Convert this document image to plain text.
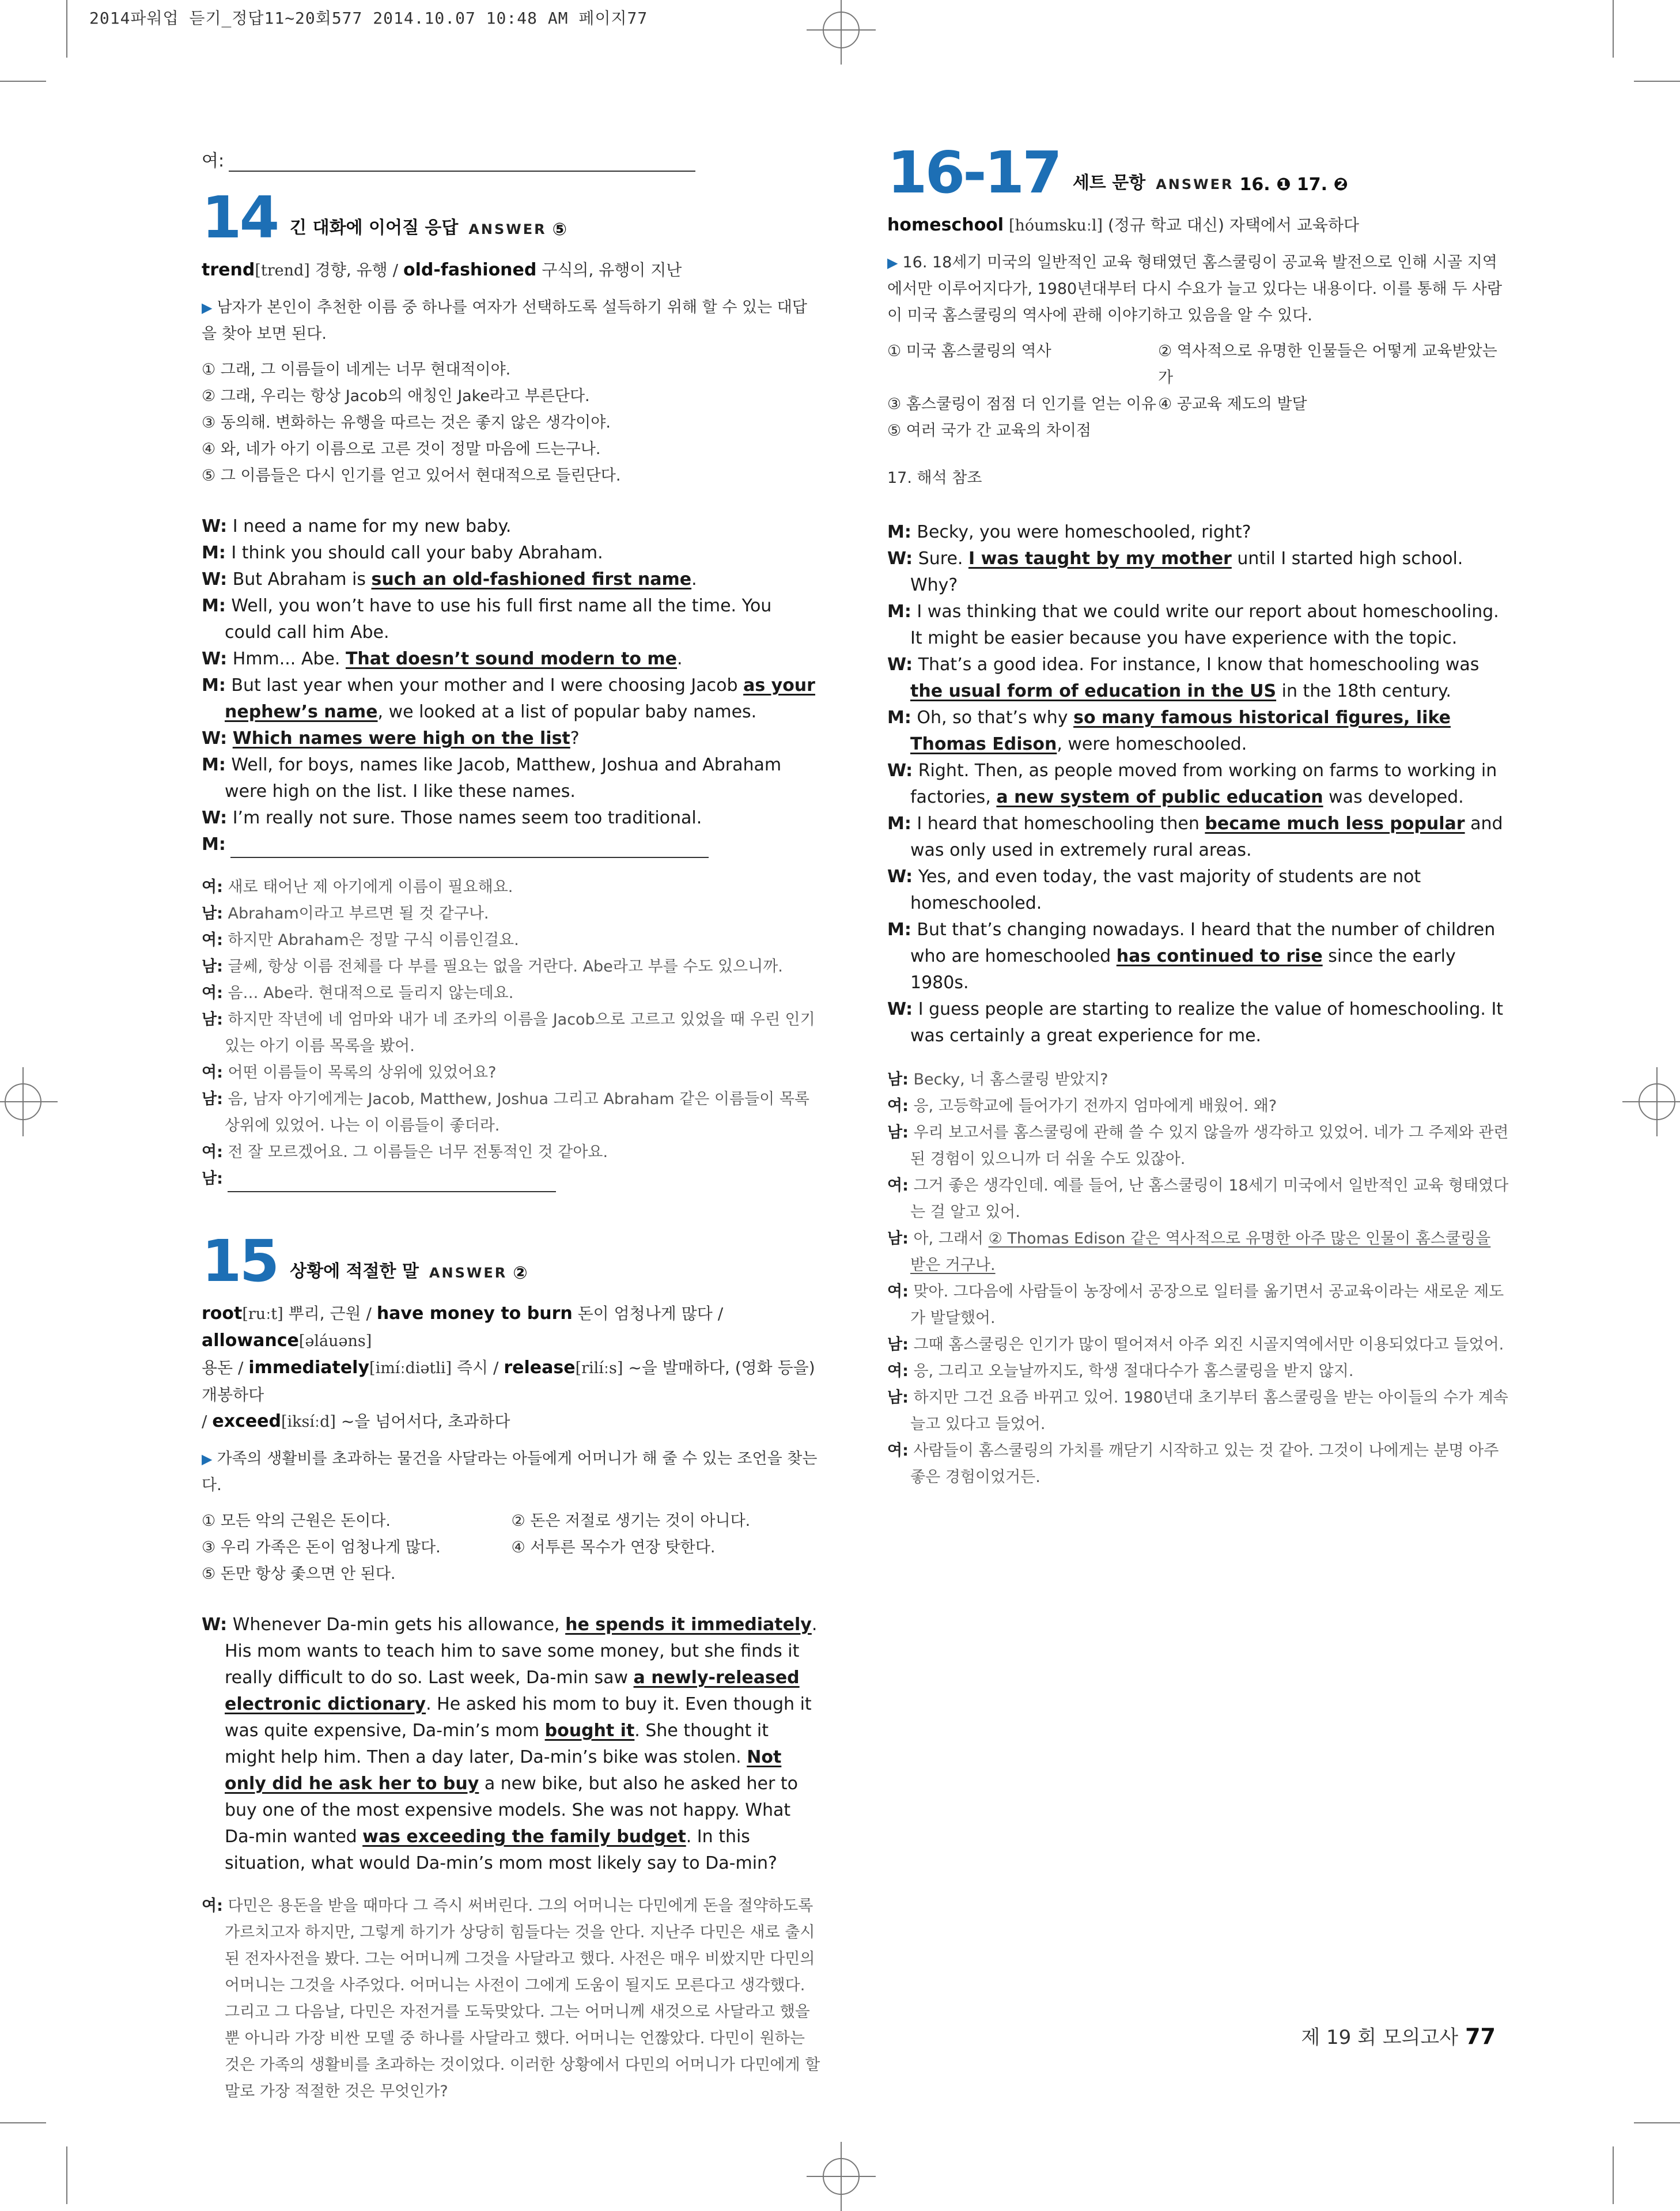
2014파워업 듣기_정답11~20회577 2014.10.07 10:48 AM 페이지77
여:
14 긴 대화에 이어질 응답 ANSWER ⑤
trend[trend] 경향, 유행 / old-fashioned 구식의, 유행이 지난
▶ 남자가 본인이 추천한 이름 중 하나를 여자가 선택하도록 설득하기 위해 할 수 있는 대답을 찾아 보면 된다.
① 그래, 그 이름들이 네게는 너무 현대적이야.
② 그래, 우리는 항상 Jacob의 애칭인 Jake라고 부른단다.
③ 동의해. 변화하는 유행을 따르는 것은 좋지 않은 생각이야.
④ 와, 네가 아기 이름으로 고른 것이 정말 마음에 드는구나.
⑤ 그 이름들은 다시 인기를 얻고 있어서 현대적으로 들린단다.
W: I need a name for my new baby.
M: I think you should call your baby Abraham.
W: But Abraham is such an old-fashioned first name.
M: Well, you won’t have to use his full first name all the time. You could call him Abe.
W: Hmm... Abe. That doesn’t sound modern to me.
M: But last year when your mother and I were choosing Jacob as your nephew’s name, we looked at a list of popular baby names.
W: Which names were high on the list?
M: Well, for boys, names like Jacob, Matthew, Joshua and Abraham were high on the list. I like these names.
W: I’m really not sure. Those names seem too traditional.
M:
여: 새로 태어난 제 아기에게 이름이 필요해요.
남: Abraham이라고 부르면 될 것 같구나.
여: 하지만 Abraham은 정말 구식 이름인걸요.
남: 글쎄, 항상 이름 전체를 다 부를 필요는 없을 거란다. Abe라고 부를 수도 있으니까.
여: 음… Abe라. 현대적으로 들리지 않는데요.
남: 하지만 작년에 네 엄마와 내가 네 조카의 이름을 Jacob으로 고르고 있었을 때 우린 인기 있는 아기 이름 목록을 봤어.
여: 어떤 이름들이 목록의 상위에 있었어요?
남: 음, 남자 아기에게는 Jacob, Matthew, Joshua 그리고 Abraham 같은 이름들이 목록 상위에 있었어. 나는 이 이름들이 좋더라.
여: 전 잘 모르겠어요. 그 이름들은 너무 전통적인 것 같아요.
남:
15 상황에 적절한 말 ANSWER ②
root[ruːt] 뿌리, 근원 / have money to burn 돈이 엄청나게 많다 / allowance[əláuəns]
용돈 / immediately[imíːdiətli] 즉시 / release[rilíːs] ~을 발매하다, (영화 등을) 개봉하다
/ exceed[iksíːd] ~을 넘어서다, 초과하다
▶ 가족의 생활비를 초과하는 물건을 사달라는 아들에게 어머니가 해 줄 수 있는 조언을 찾는다.
① 모든 악의 근원은 돈이다.	② 돈은 저절로 생기는 것이 아니다.
③ 우리 가족은 돈이 엄청나게 많다.	④ 서투른 목수가 연장 탓한다.
⑤ 돈만 항상 좇으면 안 된다.
W: Whenever Da-min gets his allowance, he spends it immediately. His mom wants to teach him to save some money, but she finds it really difficult to do so. Last week, Da-min saw a newly-released electronic dictionary. He asked his mom to buy it. Even though it was quite expensive, Da-min’s mom bought it. She thought it might help him. Then a day later, Da-min’s bike was stolen. Not only did he ask her to buy a new bike, but also he asked her to buy one of the most expensive models. She was not happy. What Da-min wanted was exceeding the family budget. In this situation, what would Da-min’s mom most likely say to Da-min?
여: 다민은 용돈을 받을 때마다 그 즉시 써버린다. 그의 어머니는 다민에게 돈을 절약하도록 가르치고자 하지만, 그렇게 하기가 상당히 힘들다는 것을 안다. 지난주 다민은 새로 출시된 전자사전을 봤다. 그는 어머니께 그것을 사달라고 했다. 사전은 매우 비쌌지만 다민의 어머니는 그것을 사주었다. 어머니는 사전이 그에게 도움이 될지도 모른다고 생각했다. 그리고 그 다음날, 다민은 자전거를 도둑맞았다. 그는 어머니께 새것으로 사달라고 했을 뿐 아니라 가장 비싼 모델 중 하나를 사달라고 했다. 어머니는 언짢았다. 다민이 원하는 것은 가족의 생활비를 초과하는 것이었다. 이러한 상황에서 다민의 어머니가 다민에게 할 말로 가장 적절한 것은 무엇인가?
16-17 세트 문항 ANSWER 16. ❶ 17. ❷
homeschool [hóumskuːl] (정규 학교 대신) 자택에서 교육하다
▶ 16. 18세기 미국의 일반적인 교육 형태였던 홈스쿨링이 공교육 발전으로 인해 시골 지역에서만 이루어지다가, 1980년대부터 다시 수요가 늘고 있다는 내용이다. 이를 통해 두 사람이 미국 홈스쿨링의 역사에 관해 이야기하고 있음을 알 수 있다.
① 미국 홈스쿨링의 역사	② 역사적으로 유명한 인물들은 어떻게 교육받았는가
③ 홈스쿨링이 점점 더 인기를 얻는 이유 ④ 공교육 제도의 발달
⑤ 여러 국가 간 교육의 차이점
17. 해석 참조
M: Becky, you were homeschooled, right?
W: Sure. I was taught by my mother until I started high school. Why?
M: I was thinking that we could write our report about homeschooling. It might be easier because you have experience with the topic.
W: That’s a good idea. For instance, I know that homeschooling was the usual form of education in the US in the 18th century.
M: Oh, so that’s why so many famous historical figures, like Thomas Edison, were homeschooled.
W: Right. Then, as people moved from working on farms to working in factories, a new system of public education was developed.
M: I heard that homeschooling then became much less popular and was only used in extremely rural areas.
W: Yes, and even today, the vast majority of students are not homeschooled.
M: But that’s changing nowadays. I heard that the number of children who are homeschooled has continued to rise since the early 1980s.
W: I guess people are starting to realize the value of homeschooling. It was certainly a great experience for me.
남: Becky, 너 홈스쿨링 받았지?
여: 응, 고등학교에 들어가기 전까지 엄마에게 배웠어. 왜?
남: 우리 보고서를 홈스쿨링에 관해 쓸 수 있지 않을까 생각하고 있었어. 네가 그 주제와 관련된 경험이 있으니까 더 쉬울 수도 있잖아.
여: 그거 좋은 생각인데. 예를 들어, 난 홈스쿨링이 18세기 미국에서 일반적인 교육 형태였다는 걸 알고 있어.
남: 아, 그래서 ② Thomas Edison 같은 역사적으로 유명한 아주 많은 인물이 홈스쿨링을 받은 거구나.
여: 맞아. 그다음에 사람들이 농장에서 공장으로 일터를 옮기면서 공교육이라는 새로운 제도가 발달했어.
남: 그때 홈스쿨링은 인기가 많이 떨어져서 아주 외진 시골지역에서만 이용되었다고 들었어.
여: 응, 그리고 오늘날까지도, 학생 절대다수가 홈스쿨링을 받지 않지.
남: 하지만 그건 요즘 바뀌고 있어. 1980년대 초기부터 홈스쿨링을 받는 아이들의 수가 계속 늘고 있다고 들었어.
여: 사람들이 홈스쿨링의 가치를 깨닫기 시작하고 있는 것 같아. 그것이 나에게는 분명 아주 좋은 경험이었거든.
제 19 회 모의고사 77
